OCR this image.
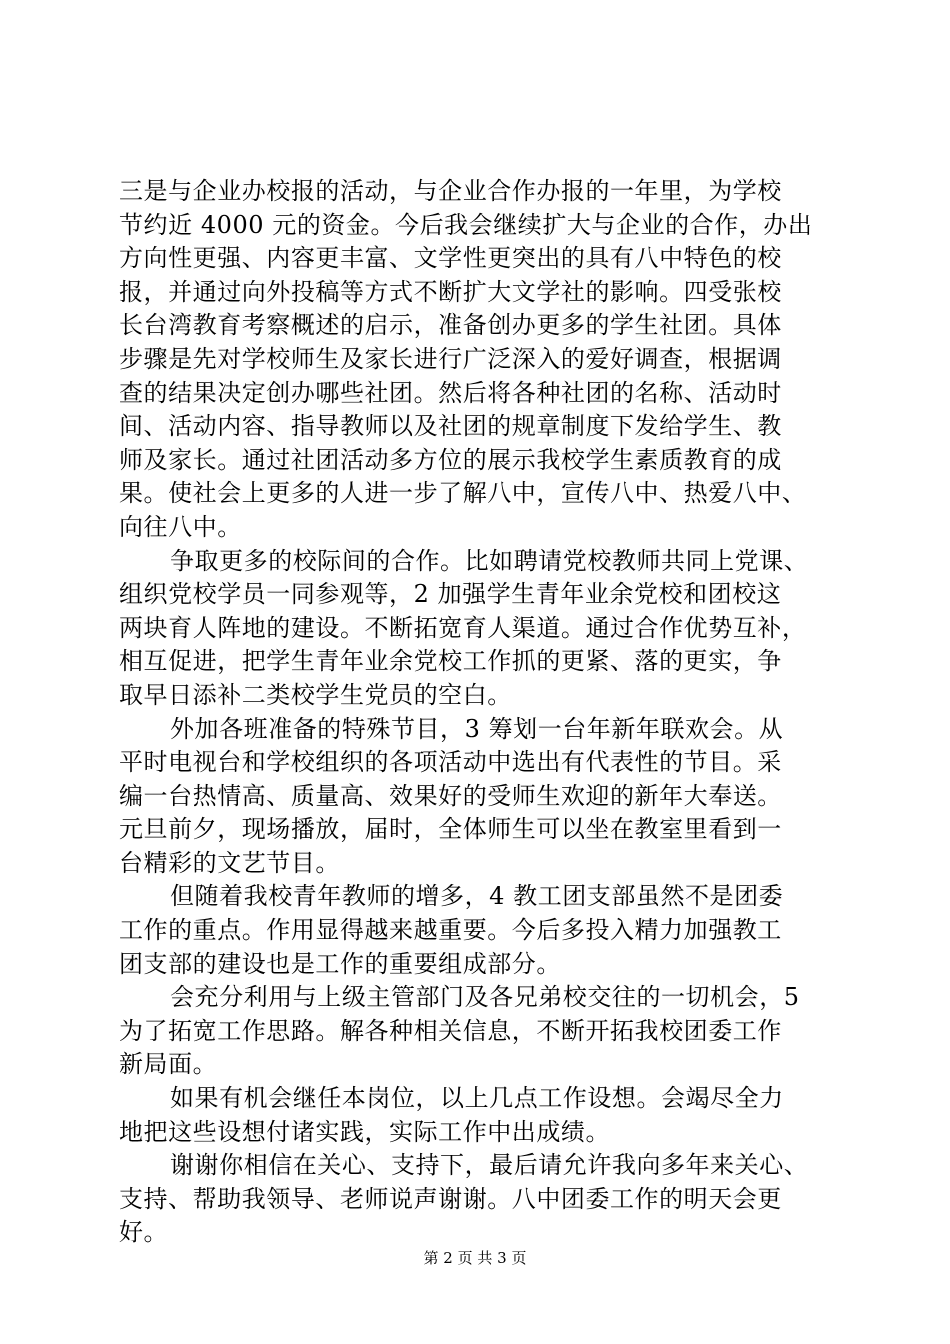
三是与企业办校报的活动，与企业合作办报的一年里，为学校
节约近 4000 元的资金。今后我会继续扩大与企业的合作，办出
方向性更强、内容更丰富、文学性更突出的具有八中特色的校
报，并通过向外投稿等方式不断扩大文学社的影响。四受张校
长台湾教育考察概述的启示，准备创办更多的学生社团。具体
步骤是先对学校师生及家长进行广泛深入的爱好调查，根据调
查的结果决定创办哪些社团。然后将各种社团的名称、活动时
间、活动内容、指导教师以及社团的规章制度下发给学生、教
师及家长。通过社团活动多方位的展示我校学生素质教育的成
果。使社会上更多的人进一步了解八中，宣传八中、热爱八中、
向往八中。
争取更多的校际间的合作。比如聘请党校教师共同上党课、
组织党校学员一同参观等，2 加强学生青年业余党校和团校这
两块育人阵地的建设。不断拓宽育人渠道。通过合作优势互补，
相互促进，把学生青年业余党校工作抓的更紧、落的更实，争
取早日添补二类校学生党员的空白。
外加各班准备的特殊节目，3 筹划一台年新年联欢会。从
平时电视台和学校组织的各项活动中选出有代表性的节目。采
编一台热情高、质量高、效果好的受师生欢迎的新年大奉送。
元旦前夕，现场播放，届时，全体师生可以坐在教室里看到一
台精彩的文艺节目。
但随着我校青年教师的增多，4 教工团支部虽然不是团委
工作的重点。作用显得越来越重要。今后多投入精力加强教工
团支部的建设也是工作的重要组成部分。
会充分利用与上级主管部门及各兄弟校交往的一切机会，5
为了拓宽工作思路。解各种相关信息，不断开拓我校团委工作
新局面。
如果有机会继任本岗位，以上几点工作设想。会竭尽全力
地把这些设想付诸实践，实际工作中出成绩。
谢谢你相信在关心、支持下，最后请允许我向多年来关心、
支持、帮助我领导、老师说声谢谢。八中团委工作的明天会更
好。
第 2 页 共 3 页
